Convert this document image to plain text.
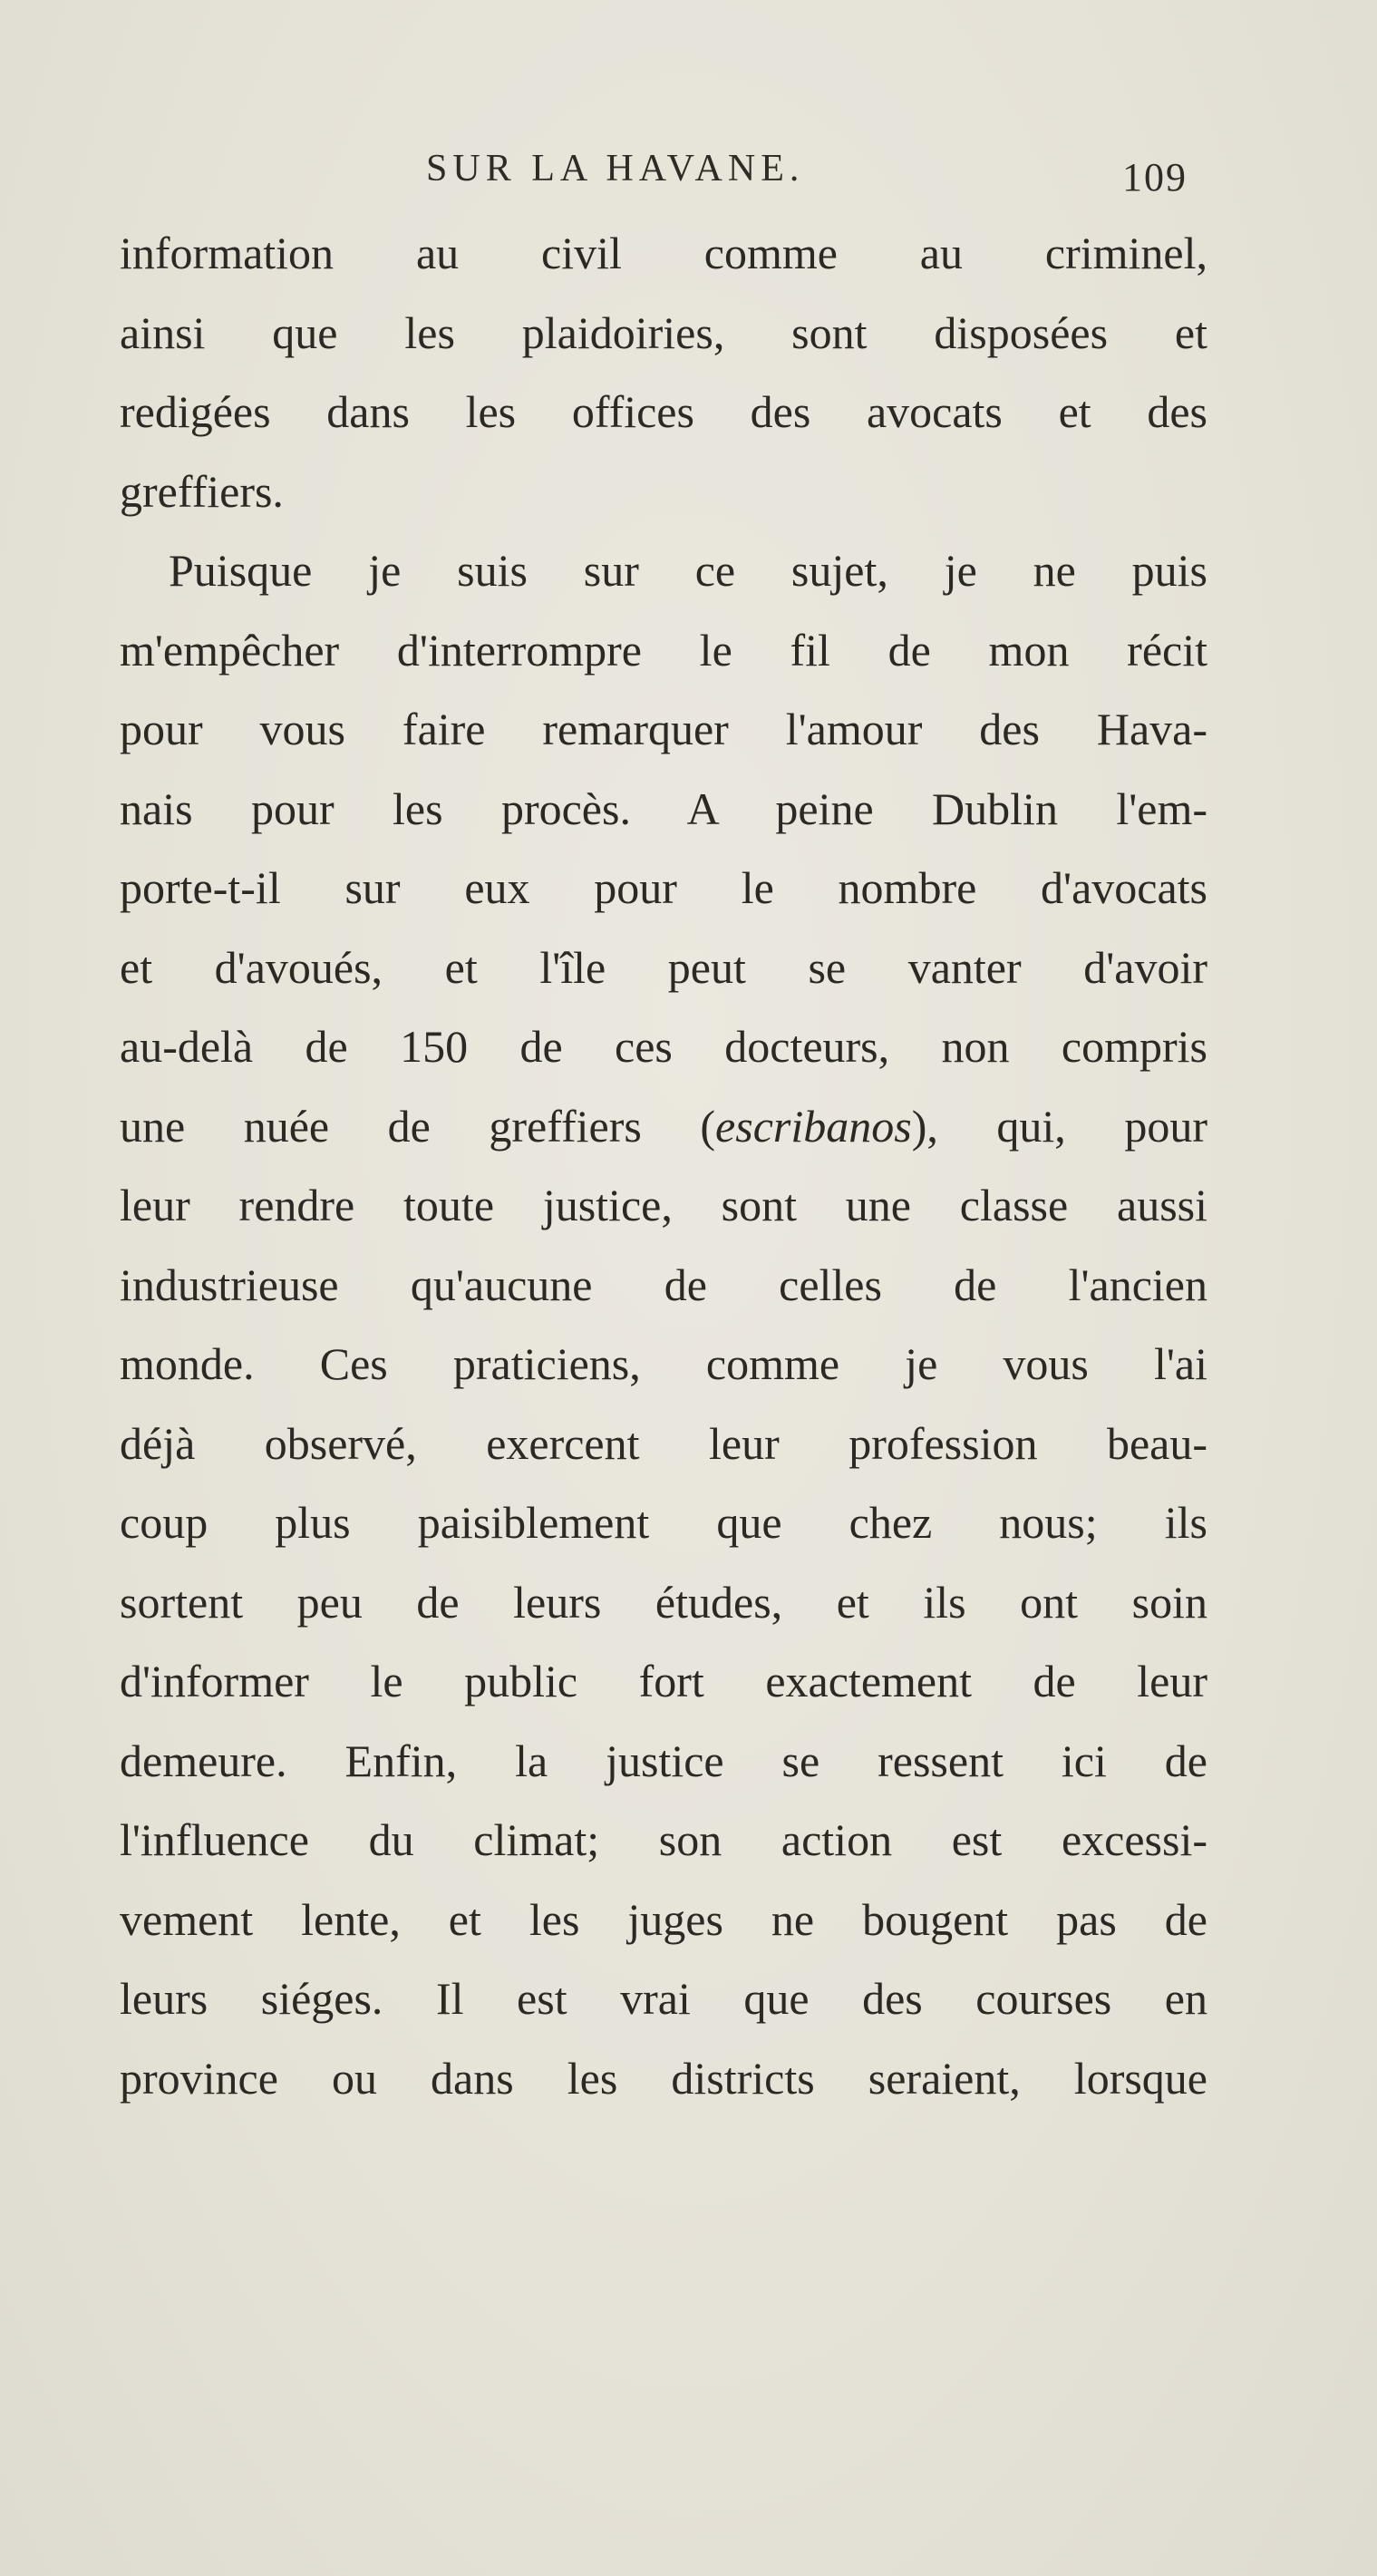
SUR LA HAVANE.	109
information au civil comme au criminel,
ainsi que les plaidoiries, sont disposées et
redigées dans les offices des avocats et des
greffiers.
Puisque je suis sur ce sujet, je ne puis
m'empêcher d'interrompre le fil de mon récit
pour vous faire remarquer l'amour des Hava-
nais pour les procès. A peine Dublin l'em-
porte-t-il sur eux pour le nombre d'avocats
et d'avoués, et l'île peut se vanter d'avoir
au-delà de 150 de ces docteurs, non compris
une nuée de greffiers (escribanos), qui, pour
leur rendre toute justice, sont une classe aussi
industrieuse qu'aucune de celles de l'ancien
monde. Ces praticiens, comme je vous l'ai
déjà observé, exercent leur profession beau-
coup plus paisiblement que chez nous; ils
sortent peu de leurs études, et ils ont soin
d'informer le public fort exactement de leur
demeure. Enfin, la justice se ressent ici de
l'influence du climat; son action est excessi-
vement lente, et les juges ne bougent pas de
leurs siéges. Il est vrai que des courses en
province ou dans les districts seraient, lorsque
